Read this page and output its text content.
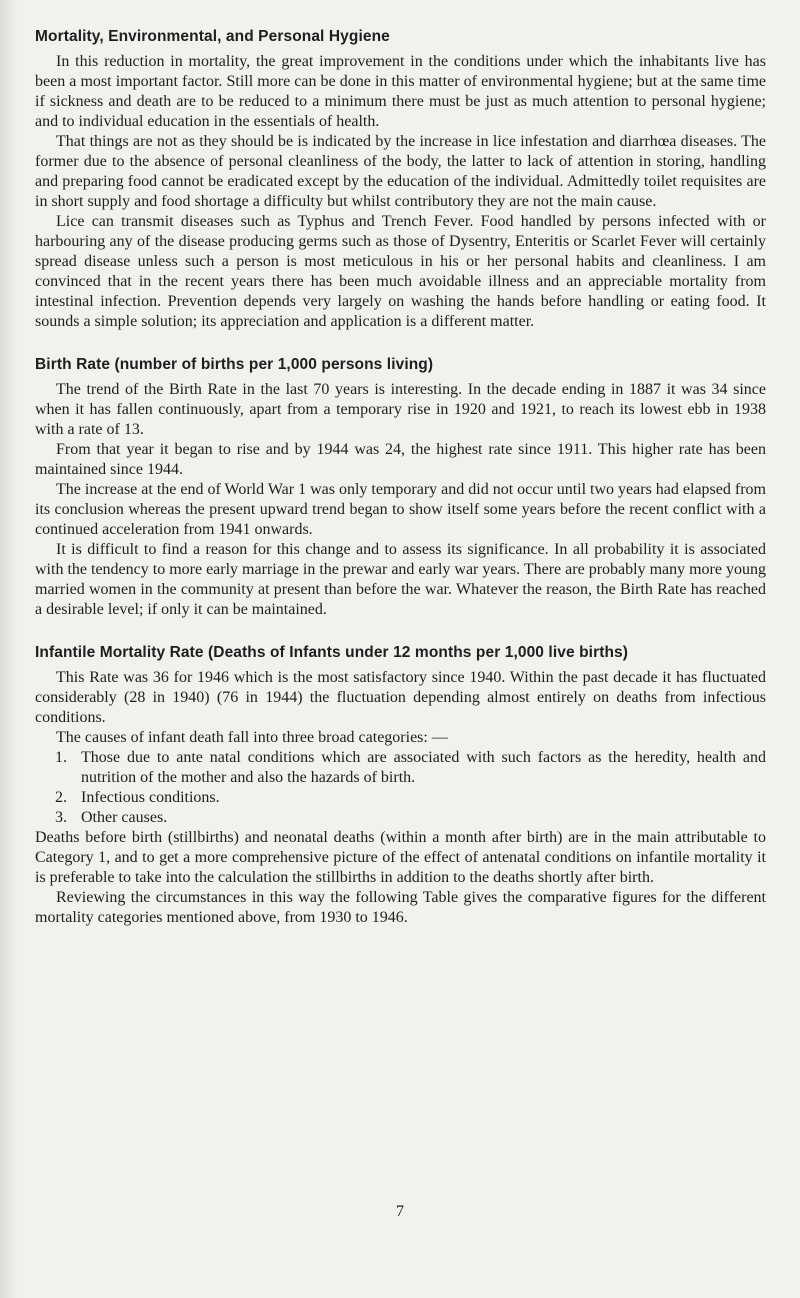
Mortality, Environmental, and Personal Hygiene

In this reduction in mortality, the great improvement in the conditions under which the inhabitants live has been a most important factor. Still more can be done in this matter of environmental hygiene; but at the same time if sickness and death are to be reduced to a minimum there must be just as much attention to personal hygiene; and to individual education in the essentials of health.

That things are not as they should be is indicated by the increase in lice infestation and diarrhœa diseases. The former due to the absence of personal cleanliness of the body, the latter to lack of attention in storing, handling and preparing food cannot be eradicated except by the education of the individual. Admittedly toilet requisites are in short supply and food shortage a difficulty but whilst contributory they are not the main cause.

Lice can transmit diseases such as Typhus and Trench Fever. Food handled by persons infected with or harbouring any of the disease producing germs such as those of Dysentry, Enteritis or Scarlet Fever will certainly spread disease unless such a person is most meticulous in his or her personal habits and cleanliness. I am convinced that in the recent years there has been much avoidable illness and an appreciable mortality from intestinal infection. Prevention depends very largely on washing the hands before handling or eating food. It sounds a simple solution; its appreciation and application is a different matter.

Birth Rate (number of births per 1,000 persons living)

The trend of the Birth Rate in the last 70 years is interesting. In the decade ending in 1887 it was 34 since when it has fallen continuously, apart from a temporary rise in 1920 and 1921, to reach its lowest ebb in 1938 with a rate of 13.

From that year it began to rise and by 1944 was 24, the highest rate since 1911. This higher rate has been maintained since 1944.

The increase at the end of World War 1 was only temporary and did not occur until two years had elapsed from its conclusion whereas the present upward trend began to show itself some years before the recent conflict with a continued acceleration from 1941 onwards.

It is difficult to find a reason for this change and to assess its significance. In all probability it is associated with the tendency to more early marriage in the prewar and early war years. There are probably many more young married women in the community at present than before the war. Whatever the reason, the Birth Rate has reached a desirable level; if only it can be maintained.

Infantile Mortality Rate (Deaths of Infants under 12 months per 1,000 live births)

This Rate was 36 for 1946 which is the most satisfactory since 1940. Within the past decade it has fluctuated considerably (28 in 1940) (76 in 1944) the fluctuation depending almost entirely on deaths from infectious conditions.

The causes of infant death fall into three broad categories: —

1. Those due to ante natal conditions which are associated with such factors as the heredity, health and nutrition of the mother and also the hazards of birth.
2. Infectious conditions.
3. Other causes.

Deaths before birth (stillbirths) and neonatal deaths (within a month after birth) are in the main attributable to Category 1, and to get a more comprehensive picture of the effect of antenatal conditions on infantile mortality it is preferable to take into the calculation the stillbirths in addition to the deaths shortly after birth.

Reviewing the circumstances in this way the following Table gives the comparative figures for the different mortality categories mentioned above, from 1930 to 1946.

7
